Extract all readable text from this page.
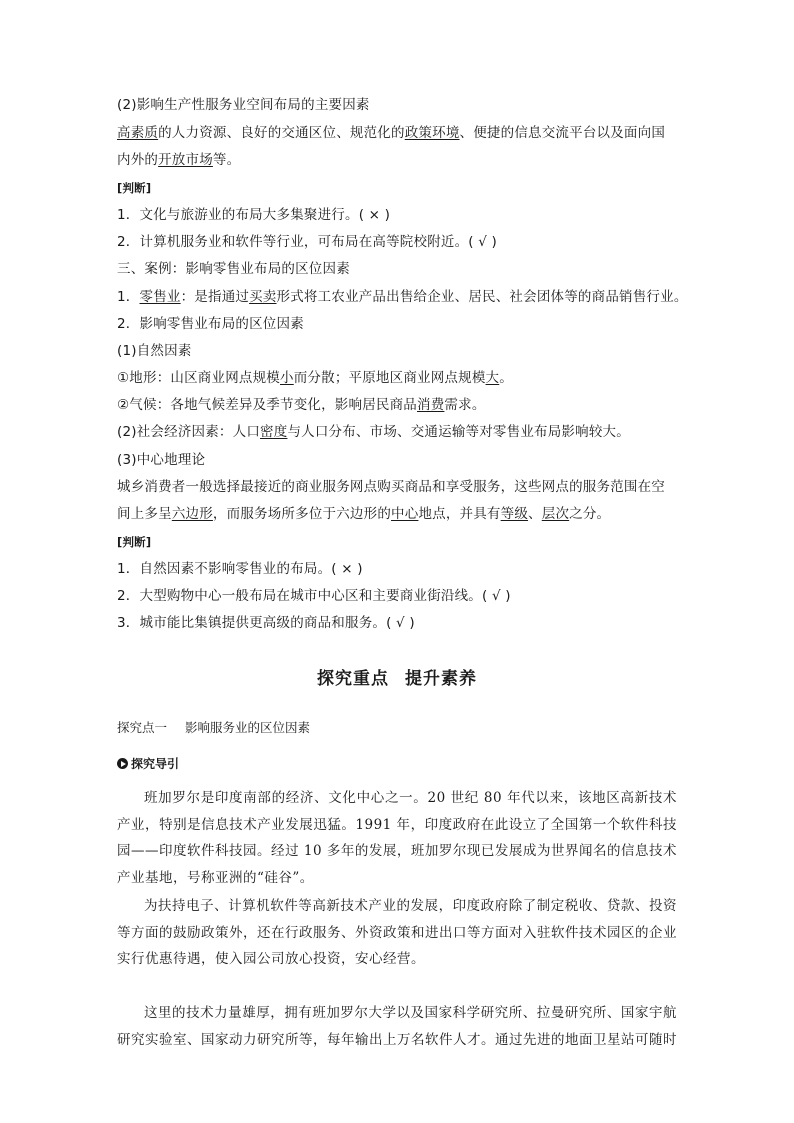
(2)影响生产性服务业空间布局的主要因素
高素质的人力资源、良好的交通区位、规范化的政策环境、便捷的信息交流平台以及面向国
内外的开放市场等。
[判断]
1．文化与旅游业的布局大多集聚进行。( × )
2．计算机服务业和软件等行业，可布局在高等院校附近。( √ )
三、案例：影响零售业布局的区位因素
1．零售业：是指通过买卖形式将工农业产品出售给企业、居民、社会团体等的商品销售行业。
2．影响零售业布局的区位因素
(1)自然因素
①地形：山区商业网点规模小而分散；平原地区商业网点规模大。
②气候：各地气候差异及季节变化，影响居民商品消费需求。
(2)社会经济因素：人口密度与人口分布、市场、交通运输等对零售业布局影响较大。
(3)中心地理论
城乡消费者一般选择最接近的商业服务网点购买商品和享受服务，这些网点的服务范围在空
间上多呈六边形，而服务场所多位于六边形的中心地点，并具有等级、层次之分。
[判断]
1．自然因素不影响零售业的布局。( × )
2．大型购物中心一般布局在城市中心区和主要商业街沿线。( √ )
3．城市能比集镇提供更高级的商品和服务。( √ )
探究重点 提升素养
探究点一 影响服务业的区位因素
探究导引
班加罗尔是印度南部的经济、文化中心之一。20 世纪 80 年代以来，该地区高新技术产业，特别是信息技术产业发展迅猛。1991 年，印度政府在此设立了全国第一个软件科技园——印度软件科技园。经过 10 多年的发展，班加罗尔现已发展成为世界闻名的信息技术产业基地，号称亚洲的“硅谷”。
为扶持电子、计算机软件等高新技术产业的发展，印度政府除了制定税收、贷款、投资等方面的鼓励政策外，还在行政服务、外资政策和进出口等方面对入驻软件技术园区的企业实行优惠待遇，使入园公司放心投资，安心经营。
这里的技术力量雄厚，拥有班加罗尔大学以及国家科学研究所、拉曼研究所、国家宇航研究实验室、国家动力研究所等，每年输出上万名软件人才。通过先进的地面卫星站可随时
